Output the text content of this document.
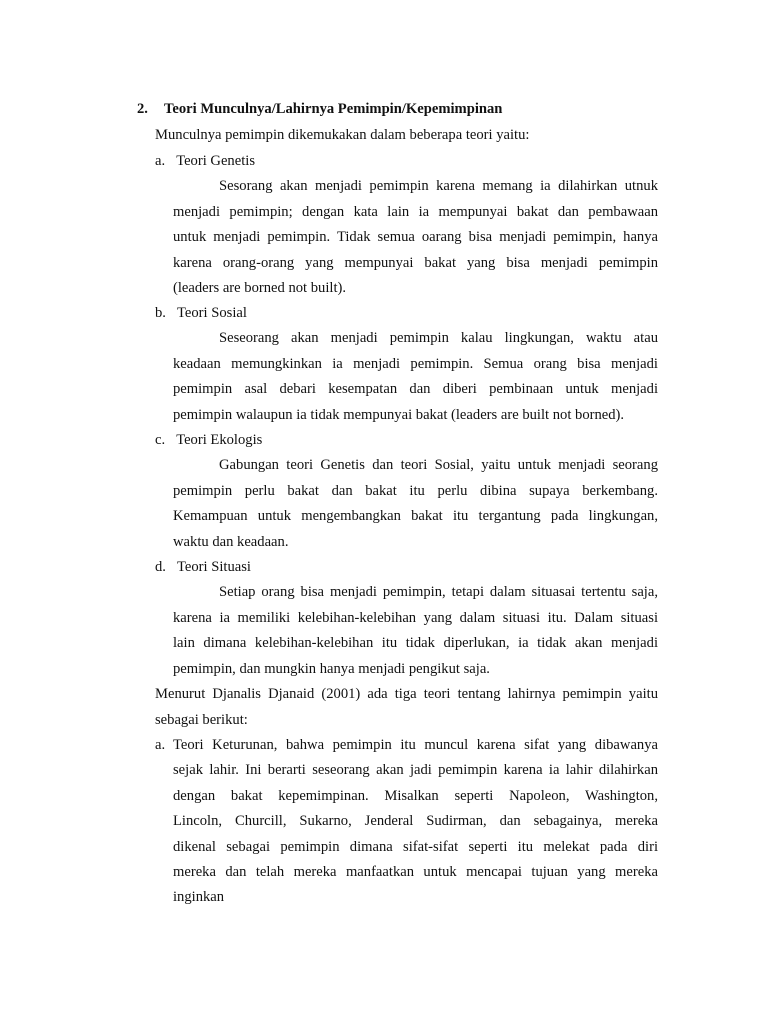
2. Teori Munculnya/Lahirnya Pemimpin/Kepemimpinan
Munculnya pemimpin dikemukakan dalam beberapa teori yaitu:
a. Teori Genetis
Sesorang akan menjadi pemimpin karena memang ia dilahirkan utnuk
menjadi pemimpin; dengan kata lain ia mempunyai bakat dan pembawaan
untuk menjadi pemimpin. Tidak semua oarang bisa menjadi pemimpin, hanya
karena orang-orang yang mempunyai bakat yang bisa menjadi pemimpin
(leaders are borned not built).
b. Teori Sosial
Seseorang akan menjadi pemimpin kalau lingkungan, waktu atau
keadaan memungkinkan ia menjadi pemimpin. Semua orang bisa menjadi
pemimpin asal debari kesempatan dan diberi pembinaan untuk menjadi
pemimpin walaupun ia tidak mempunyai bakat (leaders are built not borned).
c. Teori Ekologis
Gabungan teori Genetis dan teori Sosial, yaitu untuk menjadi seorang
pemimpin perlu bakat dan bakat itu perlu dibina supaya berkembang.
Kemampuan untuk mengembangkan bakat itu tergantung pada lingkungan,
waktu dan keadaan.
d. Teori Situasi
Setiap orang bisa menjadi pemimpin, tetapi dalam situasai tertentu saja,
karena ia memiliki kelebihan-kelebihan yang dalam situasi itu. Dalam situasi
lain dimana kelebihan-kelebihan itu tidak diperlukan, ia tidak akan menjadi
pemimpin, dan mungkin hanya menjadi pengikut saja.
Menurut Djanalis Djanaid (2001) ada tiga teori tentang lahirnya pemimpin yaitu
sebagai berikut:
a. Teori Keturunan, bahwa pemimpin itu muncul karena sifat yang dibawanya
sejak lahir. Ini berarti seseorang akan jadi pemimpin karena ia lahir dilahirkan
dengan bakat kepemimpinan. Misalkan seperti Napoleon, Washington,
Lincoln, Churcill, Sukarno, Jenderal Sudirman, dan sebagainya, mereka
dikenal sebagai pemimpin dimana sifat-sifat seperti itu melekat pada diri
mereka dan telah mereka manfaatkan untuk mencapai tujuan yang mereka
inginkan
